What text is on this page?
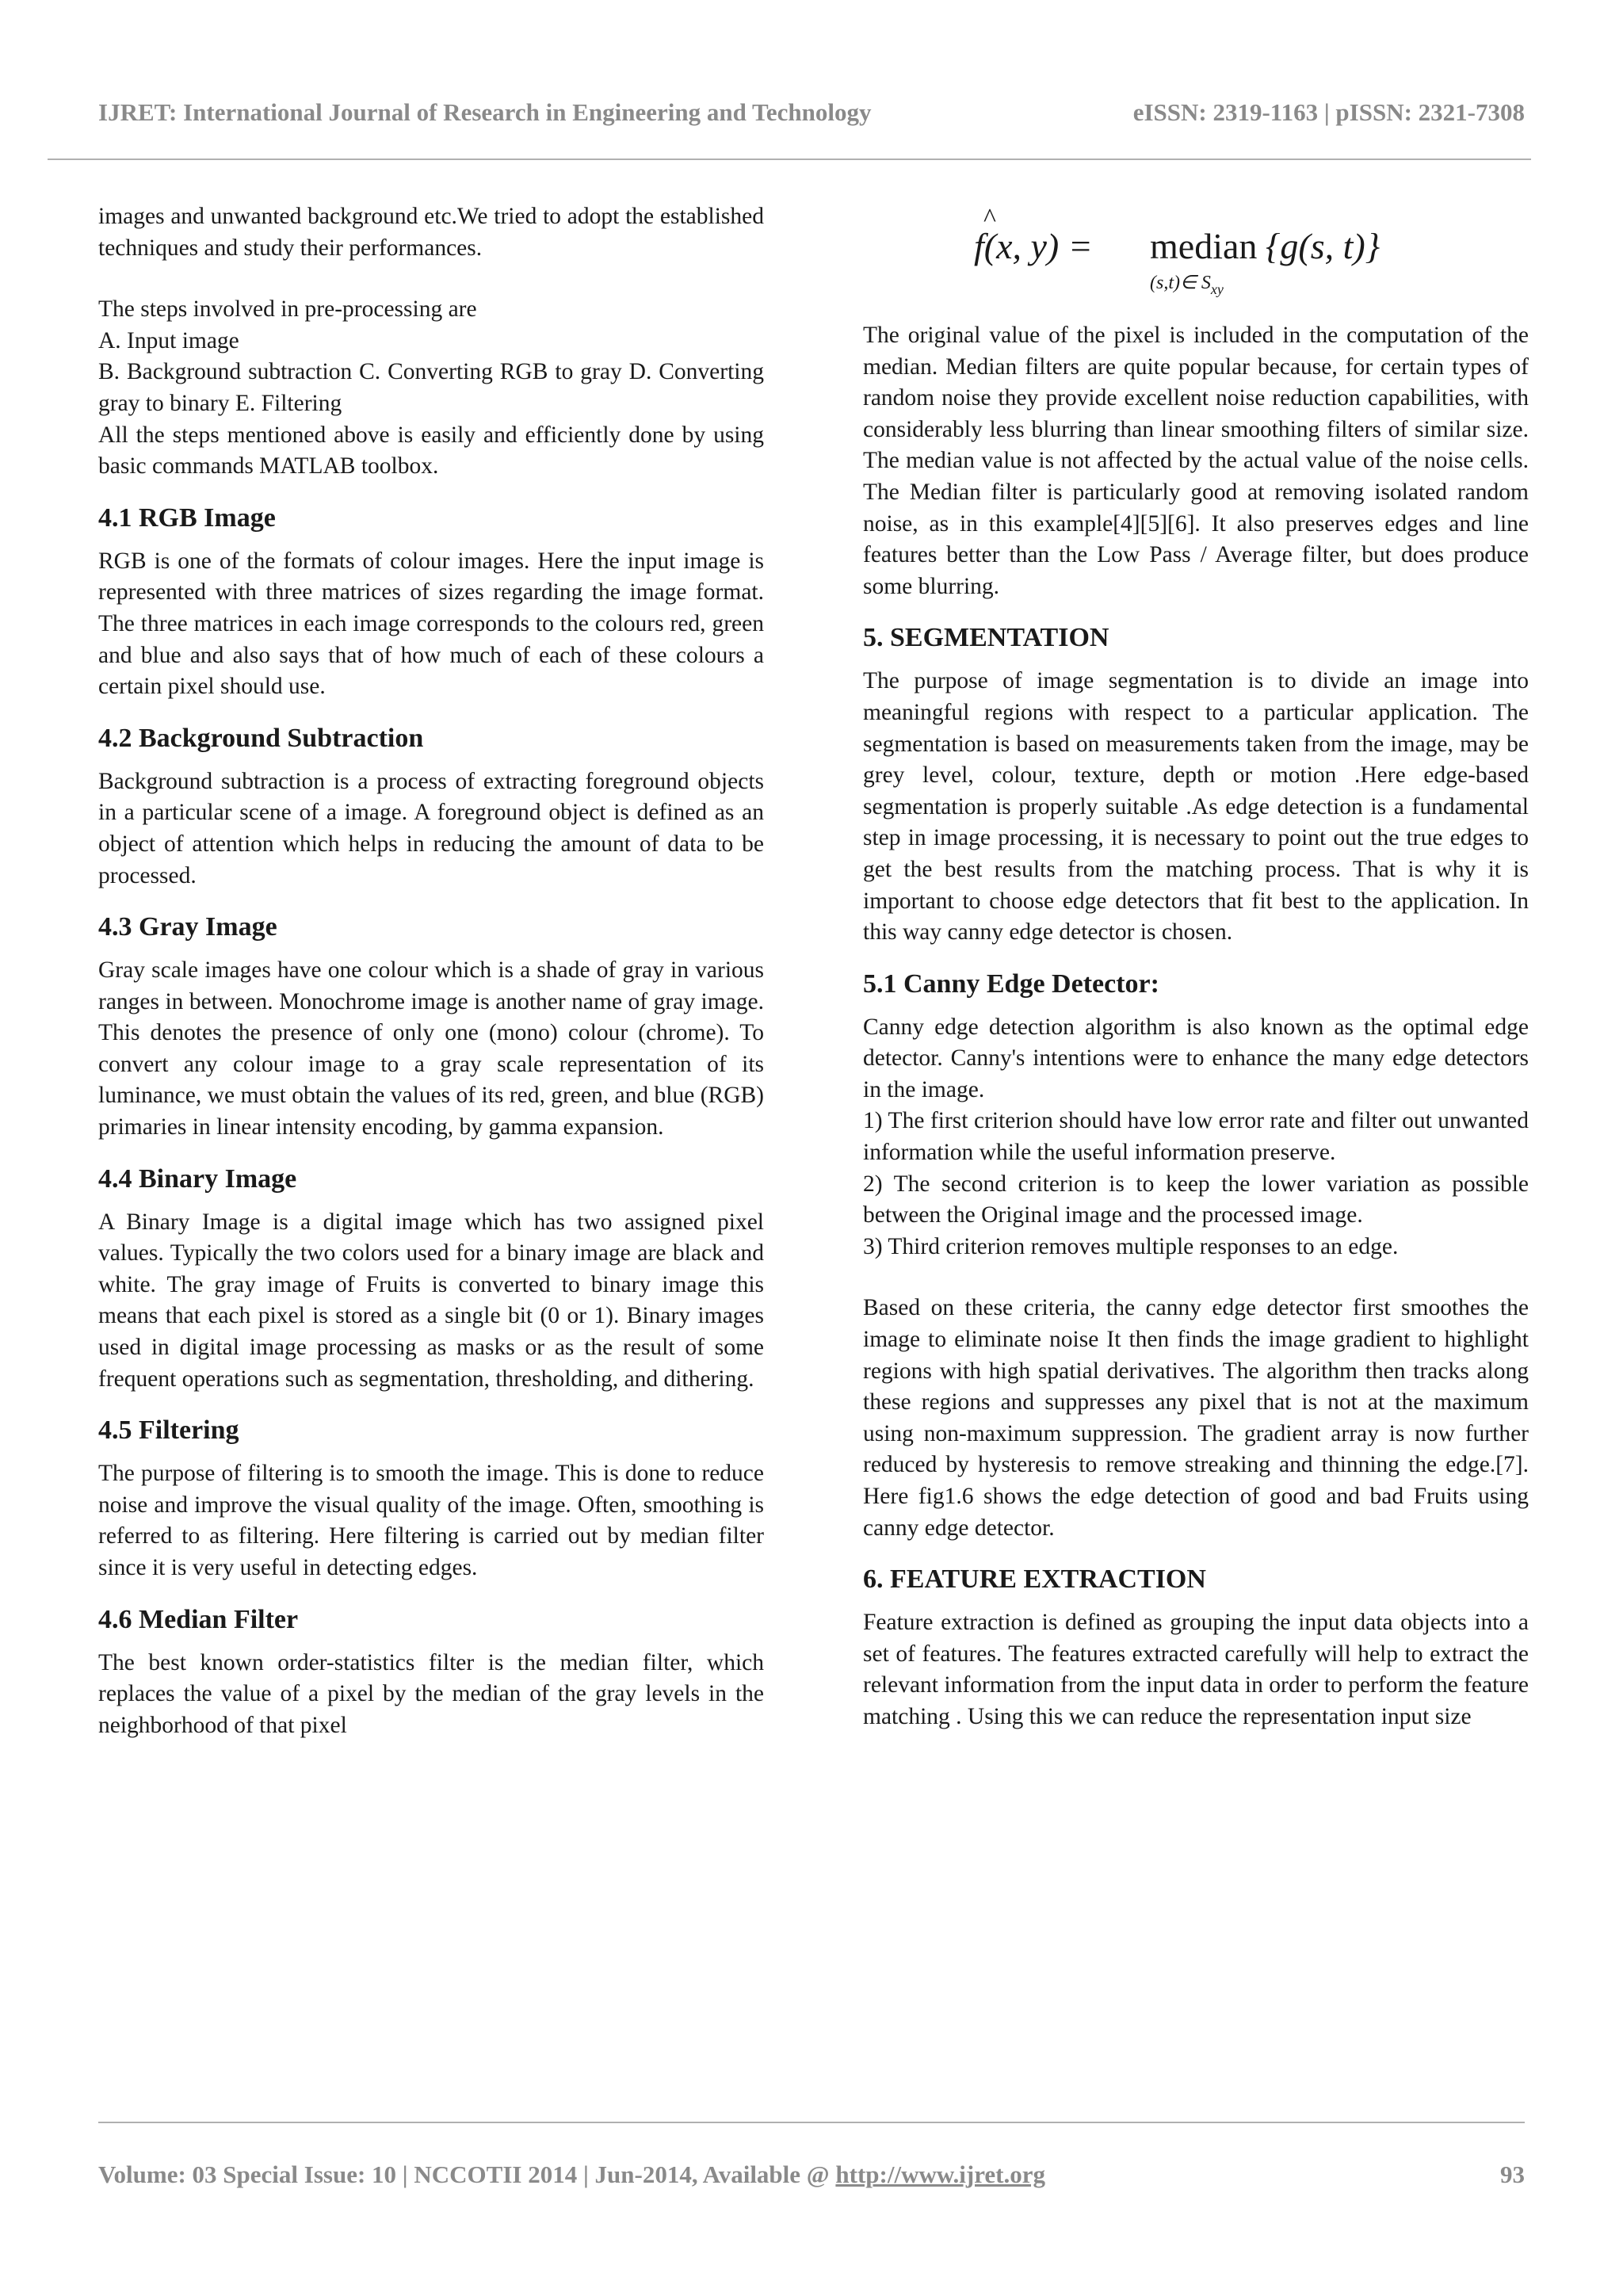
IJRET: International Journal of Research in Engineering and Technology	eISSN: 2319-1163 | pISSN: 2321-7308

images and unwanted background etc.We tried to adopt the established techniques and study their performances.

The steps involved in pre-processing are

A. Input image

B. Background subtraction C. Converting RGB to gray D. Converting gray to binary E. Filtering

All the steps mentioned above is easily and efficiently done by using basic commands MATLAB toolbox.

4.1 RGB Image

RGB is one of the formats of colour images. Here the input image is represented with three matrices of sizes regarding the image format. The three matrices in each image corresponds to the colours red, green and blue and also says that of how much of each of these colours a certain pixel should use.

4.2 Background Subtraction

Background subtraction is a process of extracting foreground objects in a particular scene of a image. A foreground object is defined as an object of attention which helps in reducing the amount of data to be processed.

4.3 Gray Image

Gray scale images have one colour which is a shade of gray in various ranges in between. Monochrome image is another name of gray image. This denotes the presence of only one (mono) colour (chrome). To convert any colour image to a gray scale representation of its luminance, we must obtain the values of its red, green, and blue (RGB) primaries in linear intensity encoding, by gamma expansion.

4.4 Binary Image

A Binary Image is a digital image which has two assigned pixel values. Typically the two colors used for a binary image are black and white. The gray image of Fruits is converted to binary image this means that each pixel is stored as a single bit (0 or 1). Binary images used in digital image processing as masks or as the result of some frequent operations such as segmentation, thresholding, and dithering.

4.5 Filtering

The purpose of filtering is to smooth the image. This is done to reduce noise and improve the visual quality of the image. Often, smoothing is referred to as filtering. Here filtering is carried out by median filter since it is very useful in detecting edges.

4.6 Median Filter

The best known order-statistics filter is the median filter, which replaces the value of a pixel by the median of the gray levels in the neighborhood of that pixel

f(x, y) =
^
median
(s,t)∈ $S_{xy}$
{g(s, t)}

The original value of the pixel is included in the computation of the median. Median filters are quite popular because, for certain types of random noise they provide excellent noise reduction capabilities, with considerably less blurring than linear smoothing filters of similar size. The median value is not affected by the actual value of the noise cells. The Median filter is particularly good at removing isolated random noise, as in this example[4][5][6]. It also preserves edges and line features better than the Low Pass / Average filter, but does produce some blurring.

5. SEGMENTATION

The purpose of image segmentation is to divide an image into meaningful regions with respect to a particular application. The segmentation is based on measurements taken from the image, may be grey level, colour, texture, depth or motion .Here edge-based segmentation is properly suitable .As edge detection is a fundamental step in image processing, it is necessary to point out the true edges to get the best results from the matching process. That is why it is important to choose edge detectors that fit best to the application. In this way canny edge detector is chosen.

5.1 Canny Edge Detector:

Canny edge detection algorithm is also known as the optimal edge detector. Canny's intentions were to enhance the many edge detectors in the image.

1) The first criterion should have low error rate and filter out unwanted information while the useful information preserve.

2) The second criterion is to keep the lower variation as possible between the Original image and the processed image.

3) Third criterion removes multiple responses to an edge.

Based on these criteria, the canny edge detector first smoothes the image to eliminate noise It then finds the image gradient to highlight regions with high spatial derivatives. The algorithm then tracks along these regions and suppresses any pixel that is not at the maximum using non-maximum suppression. The gradient array is now further reduced by hysteresis to remove streaking and thinning the edge.[7]. Here fig1.6 shows the edge detection of good and bad Fruits using canny edge detector.

6. FEATURE EXTRACTION

Feature extraction is defined as grouping the input data objects into a set of features. The features extracted carefully will help to extract the relevant information from the input data in order to perform the feature matching . Using this we can reduce the representation input size

Volume: 03 Special Issue: 10 | NCCOTII 2014 | Jun-2014, Available @ http://www.ijret.org	93
